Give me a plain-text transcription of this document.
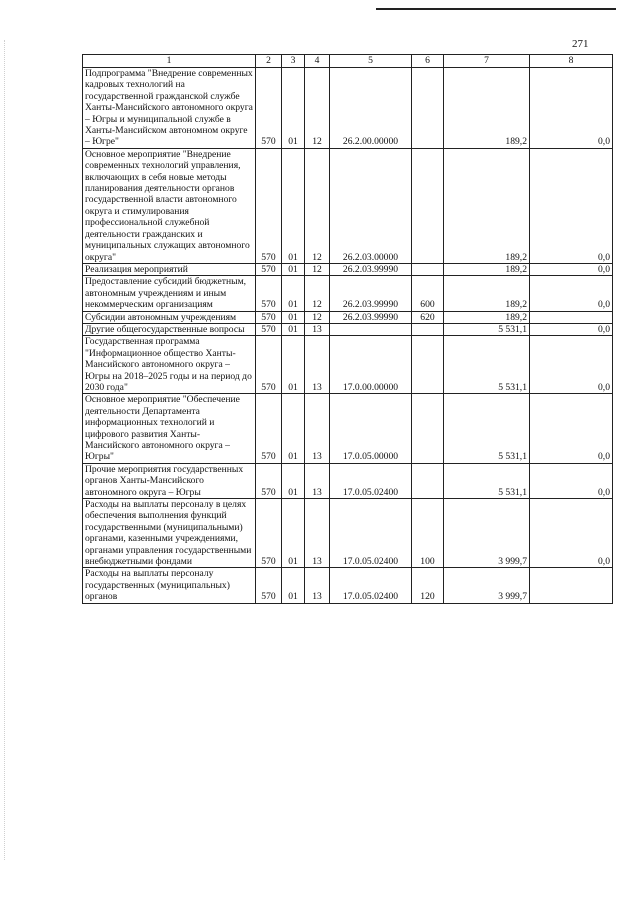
271
1	2	3	4	5	6	7	8
Подпрограмма "Внедрение современных кадровых технологий на государственной гражданской службе Ханты-Мансийского автономного округа – Югры и муниципальной службе в Ханты-Мансийском автономном округе – Югре"	570	01	12	26.2.00.00000		189,2	0,0
Основное мероприятие "Внедрение современных технологий управления, включающих в себя новые методы планирования деятельности органов государственной власти автономного округа и стимулирования профессиональной служебной деятельности гражданских и муниципальных служащих автономного округа"	570	01	12	26.2.03.00000		189,2	0,0
Реализация мероприятий	570	01	12	26.2.03.99990		189,2	0,0
Предоставление субсидий бюджетным, автономным учреждениям и иным некоммерческим организациям	570	01	12	26.2.03.99990	600	189,2	0,0
Субсидии автономным учреждениям	570	01	12	26.2.03.99990	620	189,2	
Другие общегосударственные вопросы	570	01	13			5 531,1	0,0
Государственная программа "Информационное общество Ханты-Мансийского автономного округа – Югры на 2018–2025 годы и на период до 2030 года"	570	01	13	17.0.00.00000		5 531,1	0,0
Основное мероприятие "Обеспечение деятельности Департамента информационных технологий и цифрового развития Ханты-Мансийского автономного округа – Югры"	570	01	13	17.0.05.00000		5 531,1	0,0
Прочие мероприятия государственных органов Ханты-Мансийского автономного округа – Югры	570	01	13	17.0.05.02400		5 531,1	0,0
Расходы на выплаты персоналу в целях обеспечения выполнения функций государственными (муниципальными) органами, казенными учреждениями, органами управления государственными внебюджетными фондами	570	01	13	17.0.05.02400	100	3 999,7	0,0
Расходы на выплаты персоналу государственных (муниципальных) органов	570	01	13	17.0.05.02400	120	3 999,7	
